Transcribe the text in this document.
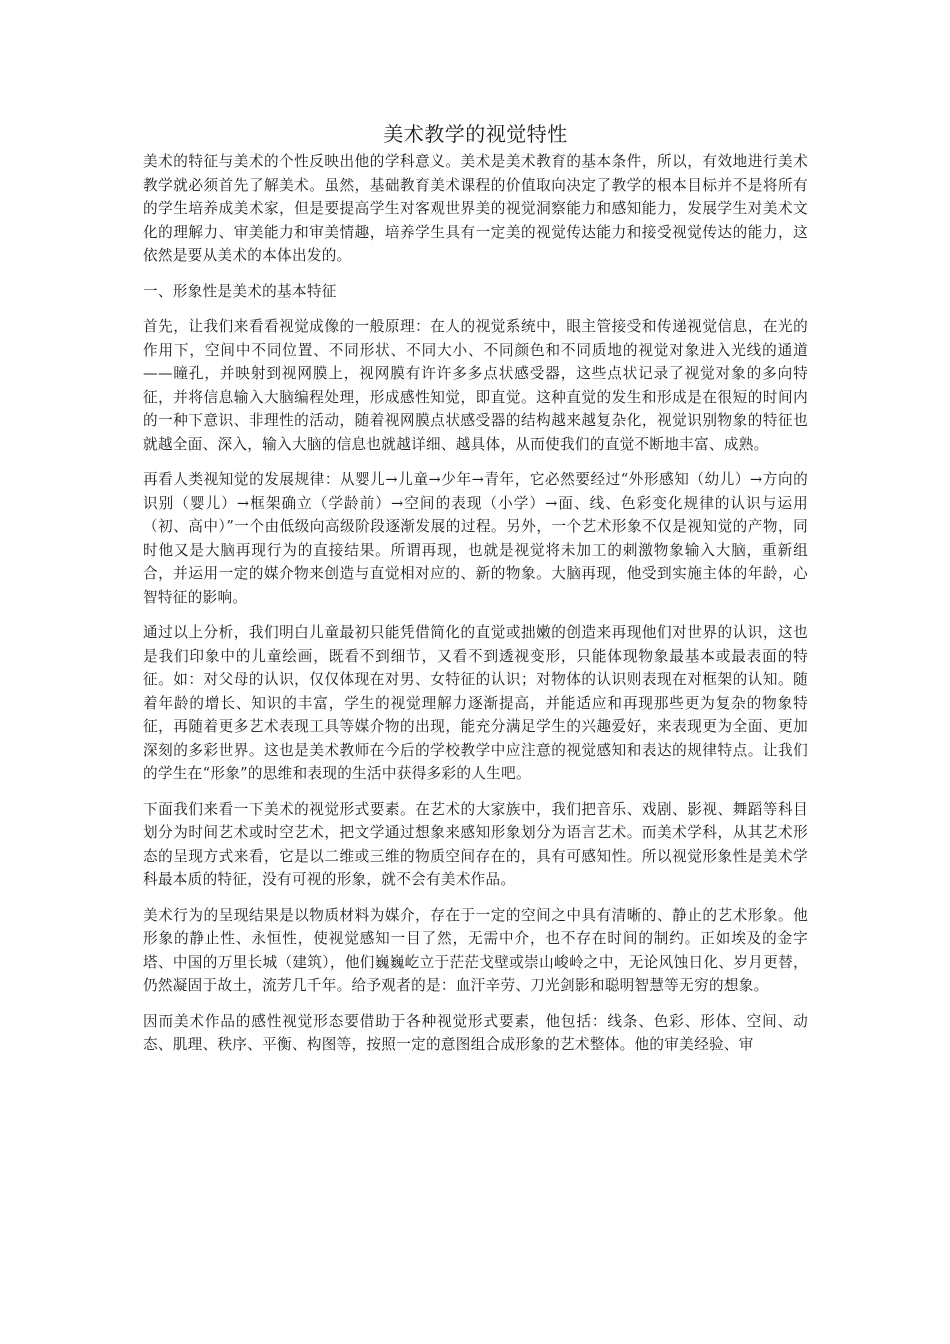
美术教学的视觉特性

美术的特征与美术的个性反映出他的学科意义。美术是美术教育的基本条件，所以，有效地进行美术教学就必须首先了解美术。虽然，基础教育美术课程的价值取向决定了教学的根本目标并不是将所有的学生培养成美术家，但是要提高学生对客观世界美的视觉洞察能力和感知能力，发展学生对美术文化的理解力、审美能力和审美情趣，培养学生具有一定美的视觉传达能力和接受视觉传达的能力，这依然是要从美术的本体出发的。

一、形象性是美术的基本特征

首先，让我们来看看视觉成像的一般原理：在人的视觉系统中，眼主管接受和传递视觉信息，在光的作用下，空间中不同位置、不同形状、不同大小、不同颜色和不同质地的视觉对象进入光线的通道——瞳孔，并映射到视网膜上，视网膜有许许多多点状感受器，这些点状记录了视觉对象的多向特征，并将信息输入大脑编程处理，形成感性知觉，即直觉。这种直觉的发生和形成是在很短的时间内的一种下意识、非理性的活动，随着视网膜点状感受器的结构越来越复杂化，视觉识别物象的特征也就越全面、深入，输入大脑的信息也就越详细、越具体，从而使我们的直觉不断地丰富、成熟。

再看人类视知觉的发展规律：从婴儿→儿童→少年→青年，它必然要经过“外形感知（幼儿）→方向的识别（婴儿）→框架确立（学龄前）→空间的表现（小学）→面、线、色彩变化规律的认识与运用（初、高中）”一个由低级向高级阶段逐渐发展的过程。另外，一个艺术形象不仅是视知觉的产物，同时他又是大脑再现行为的直接结果。所谓再现，也就是视觉将未加工的刺激物象输入大脑，重新组合，并运用一定的媒介物来创造与直觉相对应的、新的物象。大脑再现，他受到实施主体的年龄，心智特征的影响。

通过以上分析，我们明白儿童最初只能凭借简化的直觉或拙嫩的创造来再现他们对世界的认识，这也是我们印象中的儿童绘画，既看不到细节，又看不到透视变形，只能体现物象最基本或最表面的特征。如：对父母的认识，仅仅体现在对男、女特征的认识；对物体的认识则表现在对框架的认知。随着年龄的增长、知识的丰富，学生的视觉理解力逐渐提高，并能适应和再现那些更为复杂的物象特征，再随着更多艺术表现工具等媒介物的出现，能充分满足学生的兴趣爱好，来表现更为全面、更加深刻的多彩世界。这也是美术教师在今后的学校教学中应注意的视觉感知和表达的规律特点。让我们的学生在“形象”的思维和表现的生活中获得多彩的人生吧。

下面我们来看一下美术的视觉形式要素。在艺术的大家族中，我们把音乐、戏剧、影视、舞蹈等科目划分为时间艺术或时空艺术，把文学通过想象来感知形象划分为语言艺术。而美术学科，从其艺术形态的呈现方式来看，它是以二维或三维的物质空间存在的，具有可感知性。所以视觉形象性是美术学科最本质的特征，没有可视的形象，就不会有美术作品。

美术行为的呈现结果是以物质材料为媒介，存在于一定的空间之中具有清晰的、静止的艺术形象。他形象的静止性、永恒性，使视觉感知一目了然，无需中介，也不存在时间的制约。正如埃及的金字塔、中国的万里长城（建筑），他们巍巍屹立于茫茫戈壁或崇山峻岭之中，无论风蚀日化、岁月更替，仍然凝固于故土，流芳几千年。给予观者的是：血汗辛劳、刀光剑影和聪明智慧等无穷的想象。

因而美术作品的感性视觉形态要借助于各种视觉形式要素，他包括：线条、色彩、形体、空间、动态、肌理、秩序、平衡、构图等，按照一定的意图组合成形象的艺术整体。他的审美经验、审
